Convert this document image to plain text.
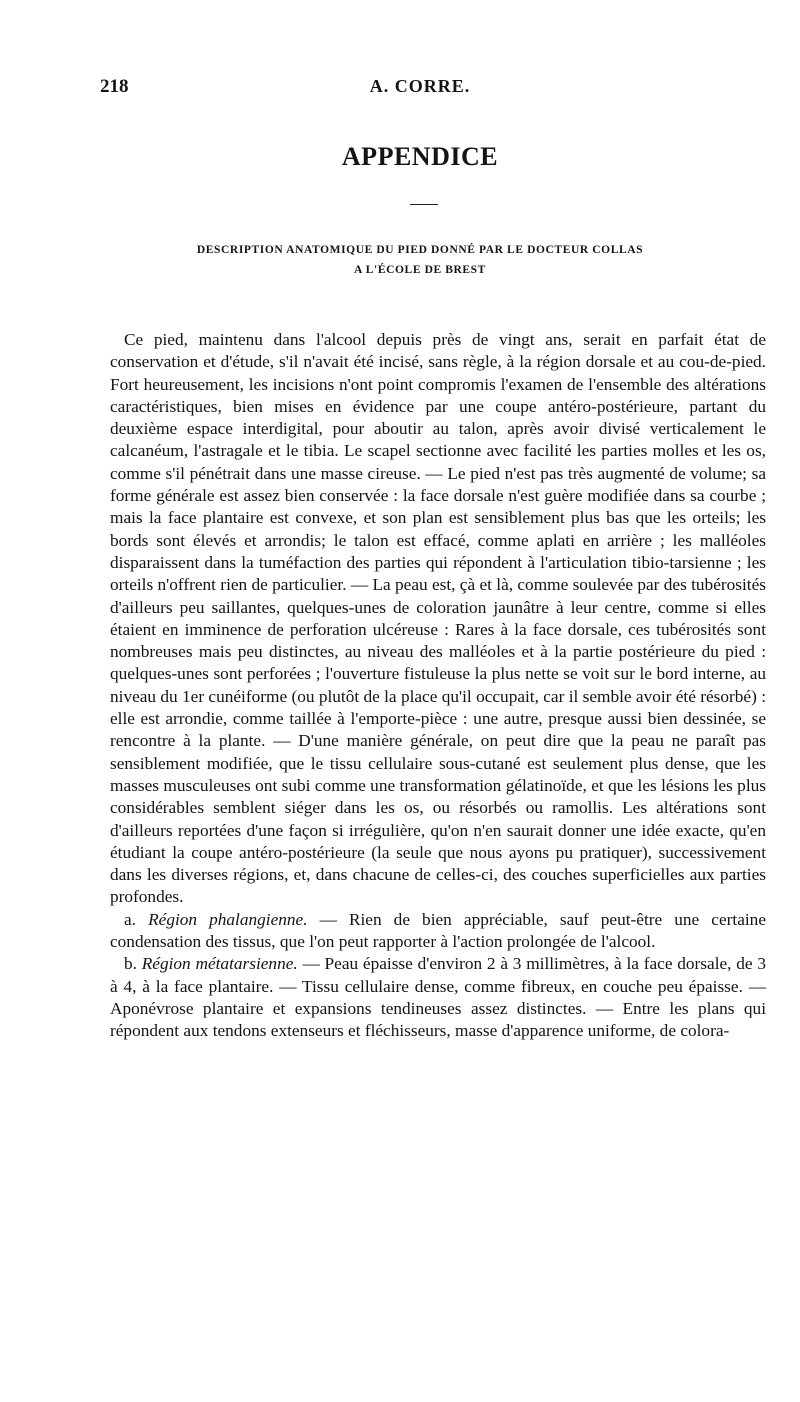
218	A. CORRE.
APPENDICE
DESCRIPTION ANATOMIQUE DU PIED DONNÉ PAR LE DOCTEUR COLLAS
A L'ÉCOLE DE BREST

Ce pied, maintenu dans l'alcool depuis près de vingt ans, serait en parfait état de conservation et d'étude, s'il n'avait été incisé, sans règle, à la région dorsale et au cou-de-pied. Fort heureusement, les incisions n'ont point compromis l'examen de l'ensemble des altérations caractéristiques, bien mises en évidence par une coupe antéro-postérieure, partant du deuxième espace interdigital, pour aboutir au talon, après avoir divisé verticalement le calcanéum, l'astragale et le tibia. Le scapel sectionne avec facilité les parties molles et les os, comme s'il pénétrait dans une masse cireuse. — Le pied n'est pas très augmenté de volume; sa forme générale est assez bien conservée : la face dorsale n'est guère modifiée dans sa courbe ; mais la face plantaire est convexe, et son plan est sensiblement plus bas que les orteils; les bords sont élevés et arrondis; le talon est effacé, comme aplati en arrière ; les malléoles disparaissent dans la tuméfaction des parties qui répondent à l'articulation tibio-tarsienne ; les orteils n'offrent rien de particulier. — La peau est, çà et là, comme soulevée par des tubérosités d'ailleurs peu saillantes, quelques-unes de coloration jaunâtre à leur centre, comme si elles étaient en imminence de perforation ulcéreuse : Rares à la face dorsale, ces tubérosités sont nombreuses mais peu distinctes, au niveau des malléoles et à la partie postérieure du pied : quelques-unes sont perforées ; l'ouverture fistuleuse la plus nette se voit sur le bord interne, au niveau du 1er cunéiforme (ou plutôt de la place qu'il occupait, car il semble avoir été résorbé) : elle est arrondie, comme taillée à l'emporte-pièce : une autre, presque aussi bien dessinée, se rencontre à la plante. — D'une manière générale, on peut dire que la peau ne paraît pas sensiblement modifiée, que le tissu cellulaire sous-cutané est seulement plus dense, que les masses musculeuses ont subi comme une transformation gélatinoïde, et que les lésions les plus considérables semblent siéger dans les os, ou résorbés ou ramollis. Les altérations sont d'ailleurs reportées d'une façon si irrégulière, qu'on n'en saurait donner une idée exacte, qu'en étudiant la coupe antéro-postérieure (la seule que nous ayons pu pratiquer), successivement dans les diverses régions, et, dans chacune de celles-ci, des couches superficielles aux parties profondes.

a. Région phalangienne. — Rien de bien appréciable, sauf peut-être une certaine condensation des tissus, que l'on peut rapporter à l'action prolongée de l'alcool.

b. Région métatarsienne. — Peau épaisse d'environ 2 à 3 millimètres, à la face dorsale, de 3 à 4, à la face plantaire. — Tissu cellulaire dense, comme fibreux, en couche peu épaisse. — Aponévrose plantaire et expansions tendineuses assez distinctes. — Entre les plans qui répondent aux tendons extenseurs et fléchisseurs, masse d'apparence uniforme, de colora-
